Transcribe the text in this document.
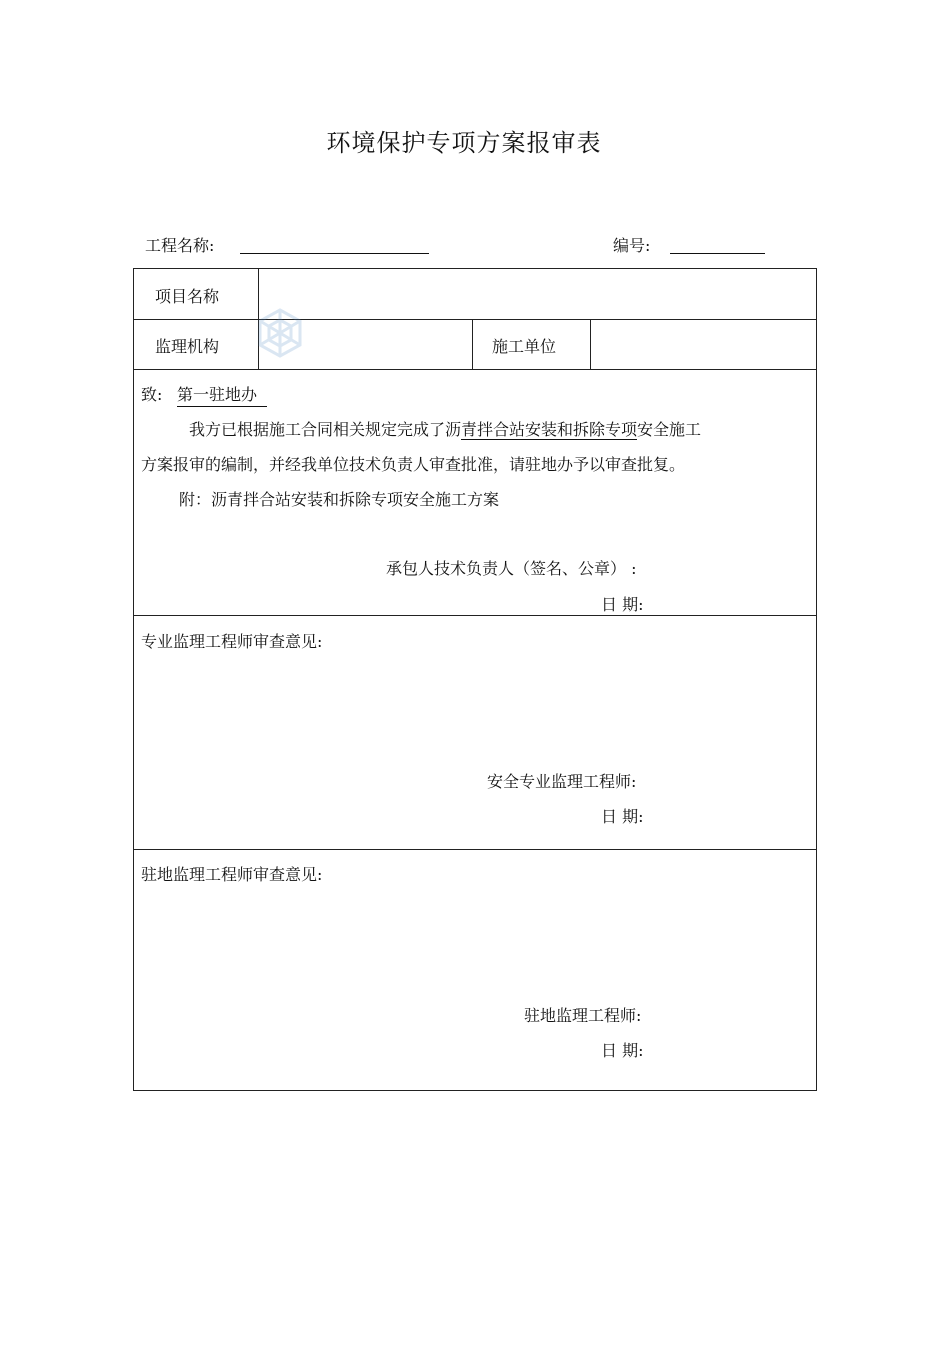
环境保护专项方案报审表
工程名称:	编号:
项目名称
监理机构	施工单位
致: 第一驻地办
我方已根据施工合同相关规定完成了沥青拌合站安装和拆除专项安全施工
方案报审的编制，并经我单位技术负责人审查批准，请驻地办予以审查批复。
附：沥青拌合站安装和拆除专项安全施工方案
承包人技术负责人（签名、公章） :
日 期:
专业监理工程师审查意见:
安全专业监理工程师:
日 期:
驻地监理工程师审查意见:
驻地监理工程师:
日 期:
